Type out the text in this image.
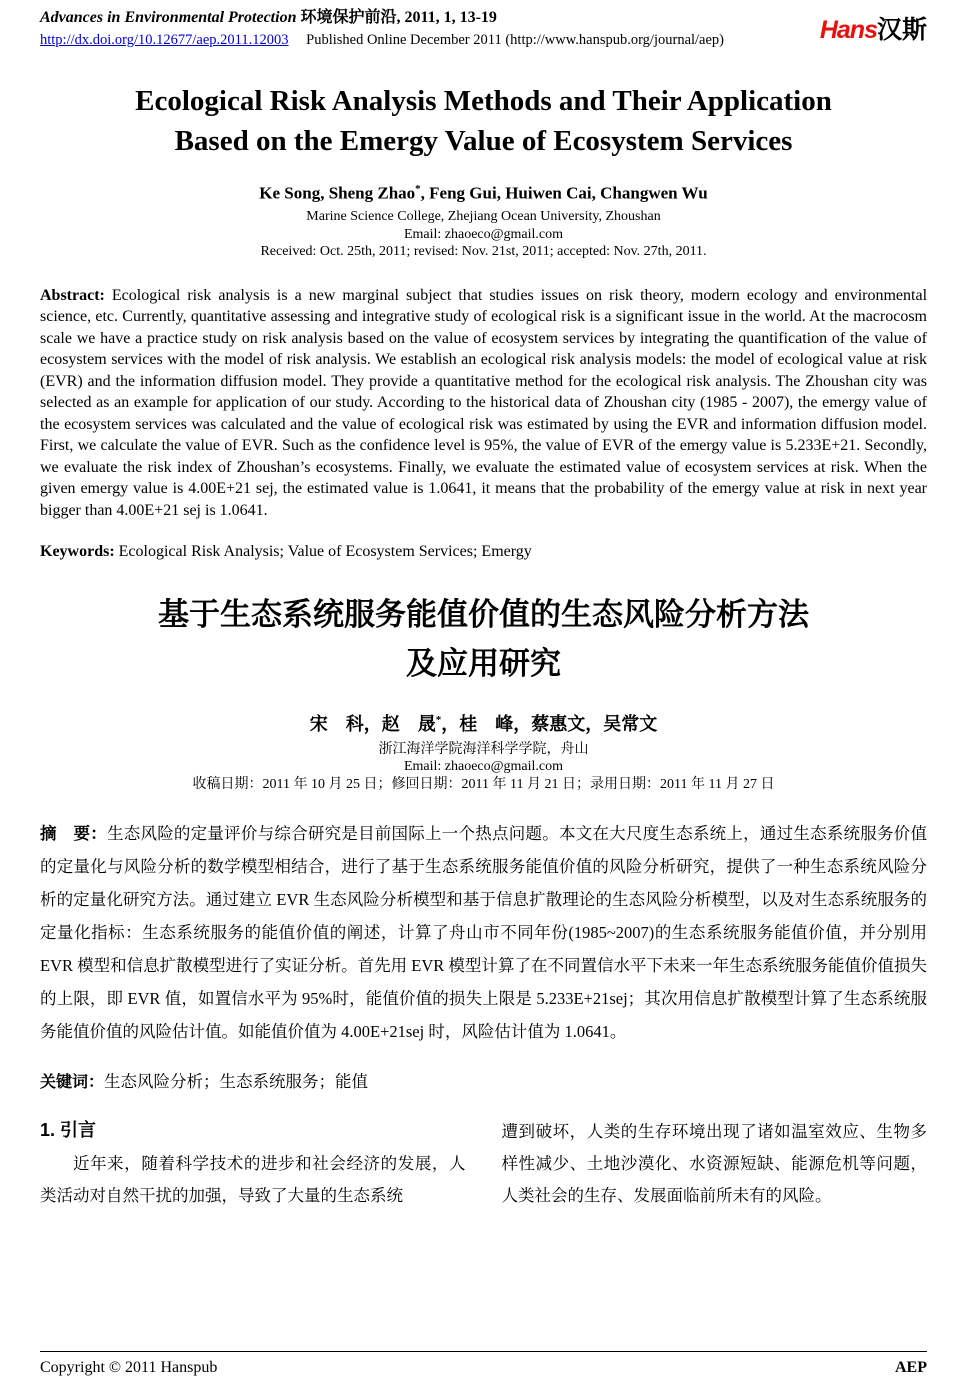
Advances in Environmental Protection 环境保护前沿, 2011, 1, 13-19
http://dx.doi.org/10.12677/aep.2011.12003 Published Online December 2011 (http://www.hanspub.org/journal/aep)	Hans汉斯
Ecological Risk Analysis Methods and Their Application
Based on the Emergy Value of Ecosystem Services
Ke Song, Sheng Zhao*, Feng Gui, Huiwen Cai, Changwen Wu
Marine Science College, Zhejiang Ocean University, Zhoushan
Email: zhaoeco@gmail.com
Received: Oct. 25th, 2011; revised: Nov. 21st, 2011; accepted: Nov. 27th, 2011.

Abstract: Ecological risk analysis is a new marginal subject that studies issues on risk theory, modern ecology and environmental science, etc. Currently, quantitative assessing and integrative study of ecological risk is a significant issue in the world. At the macrocosm scale we have a practice study on risk analysis based on the value of ecosystem services by integrating the quantification of the value of ecosystem services with the model of risk analysis. We establish an ecological risk analysis models: the model of ecological value at risk (EVR) and the information diffusion model. They provide a quantitative method for the ecological risk analysis. The Zhoushan city was selected as an example for application of our study. According to the historical data of Zhoushan city (1985 - 2007), the emergy value of the ecosystem services was calculated and the value of ecological risk was estimated by using the EVR and information diffusion model. First, we calculate the value of EVR. Such as the confidence level is 95%, the value of EVR of the emergy value is 5.233E+21. Secondly, we evaluate the risk index of Zhoushan’s ecosystems. Finally, we evaluate the estimated value of ecosystem services at risk. When the given emergy value is 4.00E+21 sej, the estimated value is 1.0641, it means that the probability of the emergy value at risk in next year bigger than 4.00E+21 sej is 1.0641.

Keywords: Ecological Risk Analysis; Value of Ecosystem Services; Emergy

基于生态系统服务能值价值的生态风险分析方法
及应用研究
宋　科，赵　晟*，桂　峰，蔡惠文，吴常文
浙江海洋学院海洋科学学院，舟山
Email: zhaoeco@gmail.com
收稿日期：2011 年 10 月 25 日；修回日期：2011 年 11 月 21 日；录用日期：2011 年 11 月 27 日

摘　要：生态风险的定量评价与综合研究是目前国际上一个热点问题。本文在大尺度生态系统上，通过生态系统服务价值的定量化与风险分析的数学模型相结合，进行了基于生态系统服务能值价值的风险分析研究，提供了一种生态系统风险分析的定量化研究方法。通过建立 EVR 生态风险分析模型和基于信息扩散理论的生态风险分析模型，以及对生态系统服务的定量化指标：生态系统服务的能值价值的阐述，计算了舟山市不同年份(1985~2007)的生态系统服务能值价值，并分别用 EVR 模型和信息扩散模型进行了实证分析。首先用 EVR 模型计算了在不同置信水平下未来一年生态系统服务能值价值损失的上限，即 EVR 值，如置信水平为 95%时，能值价值的损失上限是 5.233E+21sej；其次用信息扩散模型计算了生态系统服务能值价值的风险估计值。如能值价值为 4.00E+21sej 时，风险估计值为 1.0641。

关键词：生态风险分析；生态系统服务；能值

1. 引言

近年来，随着科学技术的进步和社会经济的发展，人类活动对自然干扰的加强，导致了大量的生态系统

遭到破坏，人类的生存环境出现了诸如温室效应、生物多样性减少、土地沙漠化、水资源短缺、能源危机等问题，人类社会的生存、发展面临前所未有的风险。

Copyright © 2011 Hanspub	AEP
